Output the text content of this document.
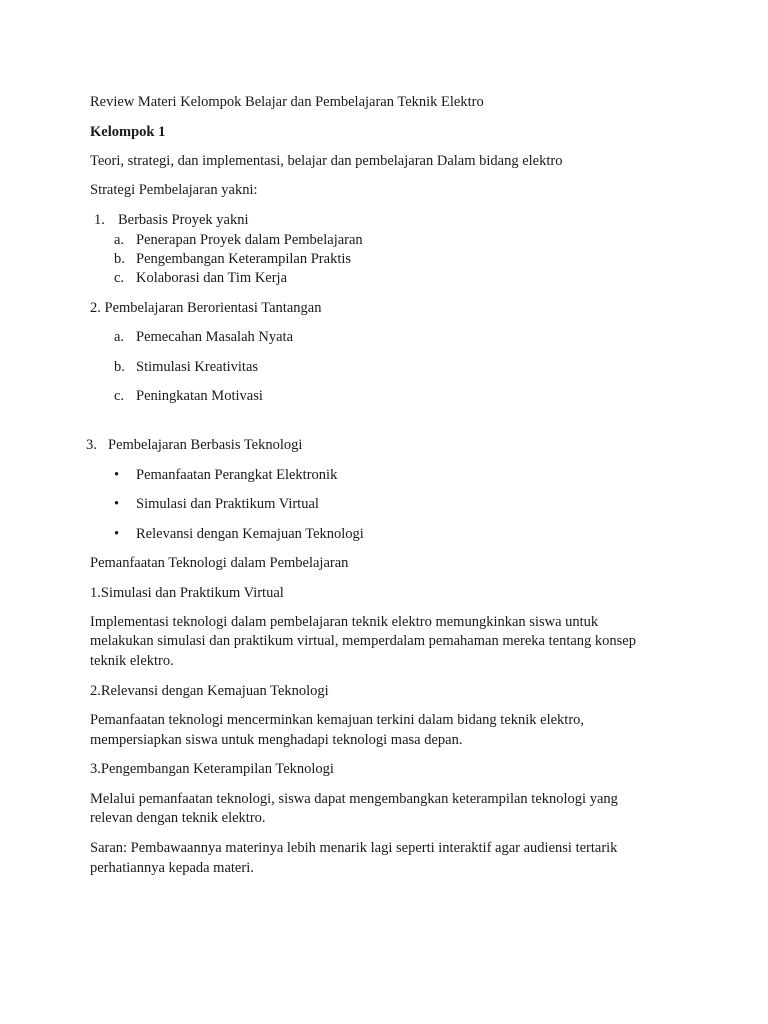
Review Materi Kelompok Belajar dan Pembelajaran Teknik Elektro
Kelompok 1
Teori, strategi, dan implementasi, belajar dan pembelajaran Dalam bidang elektro
Strategi Pembelajaran yakni:
1. Berbasis Proyek yakni
a. Penerapan Proyek dalam Pembelajaran
b. Pengembangan Keterampilan Praktis
c. Kolaborasi dan Tim Kerja
2. Pembelajaran Berorientasi Tantangan
a. Pemecahan Masalah Nyata
b. Stimulasi Kreativitas
c. Peningkatan Motivasi
3. Pembelajaran Berbasis Teknologi
• Pemanfaatan Perangkat Elektronik
• Simulasi dan Praktikum Virtual
• Relevansi dengan Kemajuan Teknologi
Pemanfaatan Teknologi dalam Pembelajaran
1.Simulasi dan Praktikum Virtual
Implementasi teknologi dalam pembelajaran teknik elektro memungkinkan siswa untuk
melakukan simulasi dan praktikum virtual, memperdalam pemahaman mereka tentang konsep
teknik elektro.
2.Relevansi dengan Kemajuan Teknologi
Pemanfaatan teknologi mencerminkan kemajuan terkini dalam bidang teknik elektro,
mempersiapkan siswa untuk menghadapi teknologi masa depan.
3.Pengembangan Keterampilan Teknologi
Melalui pemanfaatan teknologi, siswa dapat mengembangkan keterampilan teknologi yang
relevan dengan teknik elektro.
Saran: Pembawaannya materinya lebih menarik lagi seperti interaktif agar audiensi tertarik
perhatiannya kepada materi.
